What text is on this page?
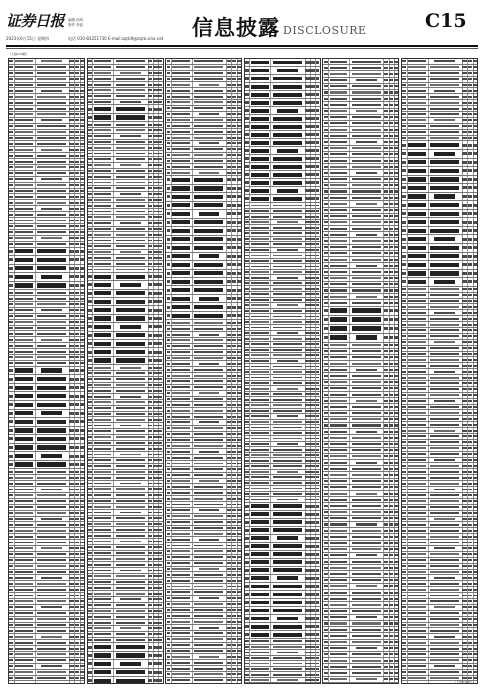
证券日报 编辑 何鸣
制作 李波
2023年6月15日 星期四	电话 010-83251730 E-mail:zqrb9@zqrb.sina.net 信息披露 DISCLOSURE	C15
（上接C14版）
（下转C16版）
